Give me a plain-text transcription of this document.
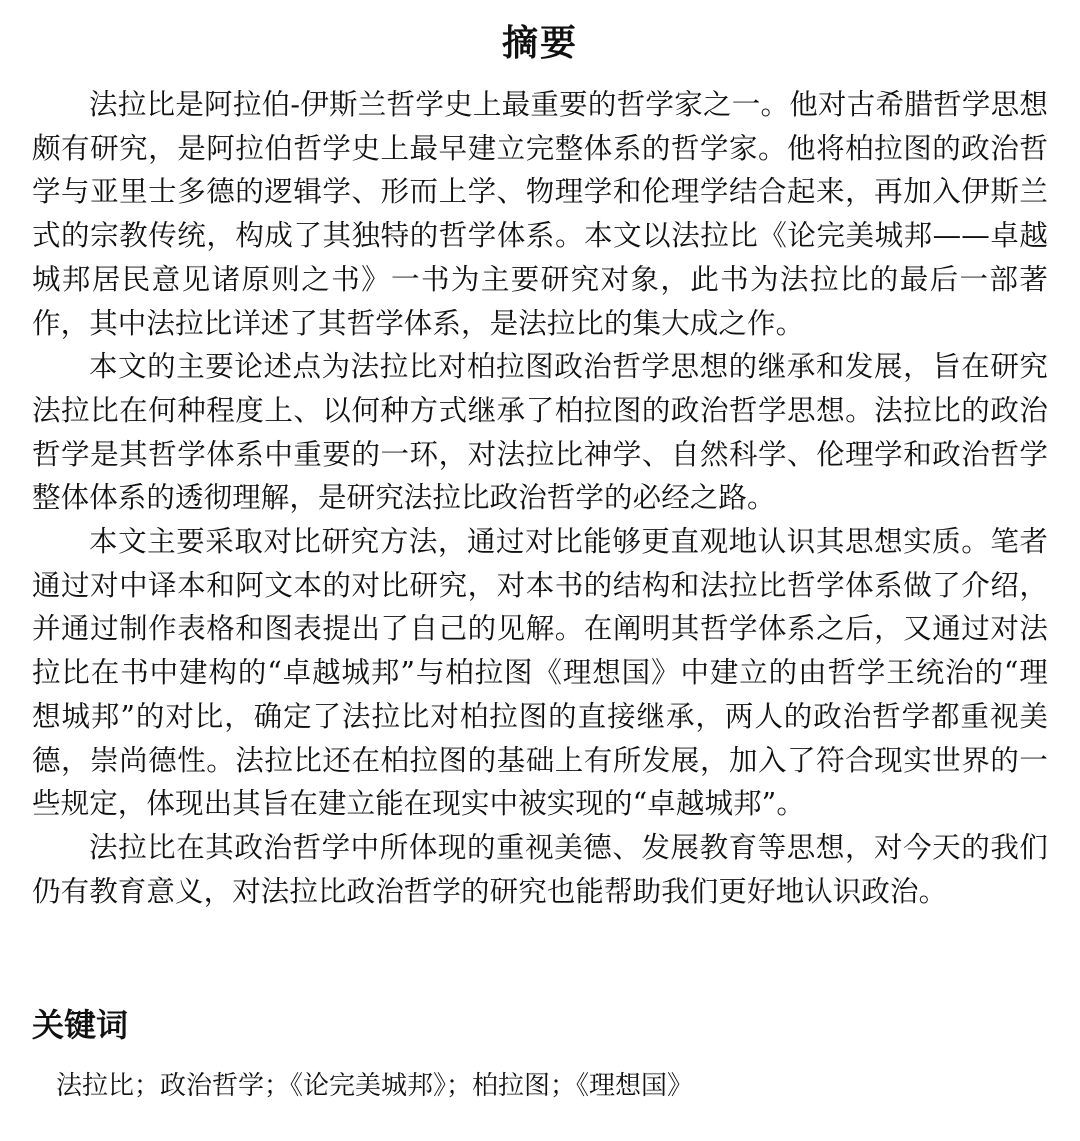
摘要

法拉比是阿拉伯-伊斯兰哲学史上最重要的哲学家之一。他对古希腊哲学思想颇有研究，是阿拉伯哲学史上最早建立完整体系的哲学家。他将柏拉图的政治哲学与亚里士多德的逻辑学、形而上学、物理学和伦理学结合起来，再加入伊斯兰式的宗教传统，构成了其独特的哲学体系。本文以法拉比《论完美城邦——卓越城邦居民意见诸原则之书》一书为主要研究对象，此书为法拉比的最后一部著作，其中法拉比详述了其哲学体系，是法拉比的集大成之作。

本文的主要论述点为法拉比对柏拉图政治哲学思想的继承和发展，旨在研究法拉比在何种程度上、以何种方式继承了柏拉图的政治哲学思想。法拉比的政治哲学是其哲学体系中重要的一环，对法拉比神学、自然科学、伦理学和政治哲学整体体系的透彻理解，是研究法拉比政治哲学的必经之路。

本文主要采取对比研究方法，通过对比能够更直观地认识其思想实质。笔者通过对中译本和阿文本的对比研究，对本书的结构和法拉比哲学体系做了介绍，并通过制作表格和图表提出了自己的见解。在阐明其哲学体系之后，又通过对法拉比在书中建构的“卓越城邦”与柏拉图《理想国》中建立的由哲学王统治的“理想城邦”的对比，确定了法拉比对柏拉图的直接继承，两人的政治哲学都重视美德，崇尚德性。法拉比还在柏拉图的基础上有所发展，加入了符合现实世界的一些规定，体现出其旨在建立能在现实中被实现的“卓越城邦”。

法拉比在其政治哲学中所体现的重视美德、发展教育等思想，对今天的我们仍有教育意义，对法拉比政治哲学的研究也能帮助我们更好地认识政治。

关键词
法拉比；政治哲学；《论完美城邦》；柏拉图；《理想国》
